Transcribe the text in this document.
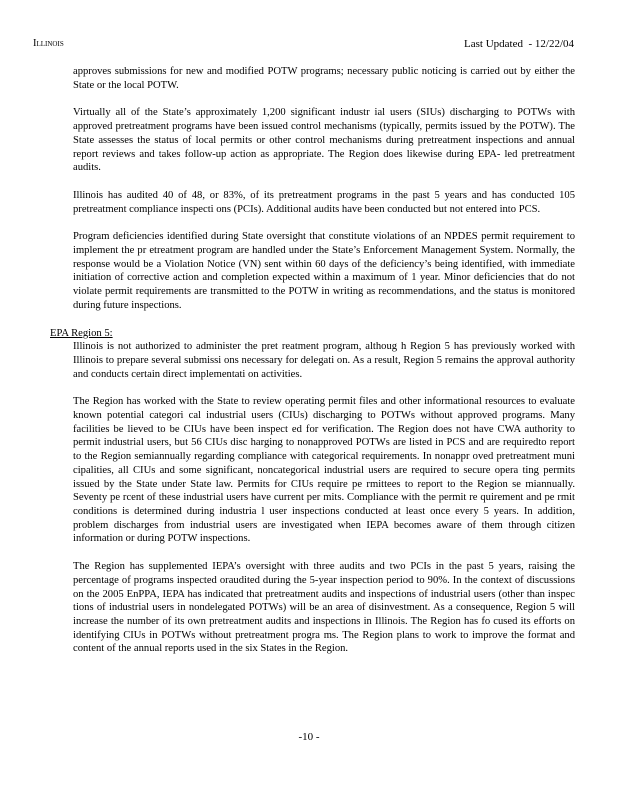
Illinois	Last Updated  - 12/22/04

approves submissions for new and modified POTW programs; necessary public noticing is carried out by either the State or the local POTW.

Virtually all of the State’s approximately 1,200 significant industr ial users (SIUs) discharging to POTWs with approved pretreatment programs have been issued control mechanisms (typically, permits issued by the POTW). The State assesses the status of local permits or other control mechanisms during pretreatment inspections and annual report reviews and takes follow-up action as appropriate. The Region does likewise during EPA- led pretreatment audits.

Illinois has audited 40 of 48, or 83%, of its pretreatment programs in the past 5 years and has conducted 105 pretreatment compliance inspecti ons (PCIs). Additional audits have been conducted but not entered into PCS.

Program deficiencies identified during State oversight that constitute violations of an NPDES permit requirement to implement the pr etreatment program are handled under the State’s Enforcement Management System. Normally, the response would be a Violation Notice (VN) sent within 60 days of the deficiency’s being identified, with immediate initiation of corrective action and completion expected within a maximum of 1 year. Minor deficiencies that do not violate permit requirements are transmitted to the POTW in writing as recommendations, and the status is monitored during future inspections.

EPA Region 5:

Illinois is not authorized to administer the pret reatment program, althoug h Region 5 has previously worked with Illinois to prepare several submissi ons necessary for delegati on. As a result, Region 5 remains the approval authority and conducts certain direct implementati on activities.

The Region has worked with the State to review operating permit files and other informational resources to evaluate known potential categori cal industrial users (CIUs) discharging to POTWs without approved programs. Many facilities be lieved to be CIUs have been inspect ed for verification. The Region does not have CWA authority to permit industrial users, but 56 CIUs disc harging to nonapproved POTWs are listed in PCS and are requiredto report to the Region semiannually regarding compliance with categorical requirements. In nonappr oved pretreatment muni cipalities, all CIUs and some significant, noncategorical industrial users are required to secure opera ting permits issued by the State under State law. Permits for CIUs require pe rmittees to report to the Region se miannually. Seventy pe rcent of these industrial users have current per mits. Compliance with the permit re quirement and pe rmit conditions is determined during industria l user inspections conducted at least once every 5 years. In addition, problem discharges from industrial users are investigated when IEPA becomes aware of them through citizen information or during POTW inspections.

The Region has supplemented IEPA’s oversight with three audits and two PCIs in the past 5 years, raising the percentage of programs inspected oraudited during the 5-year inspection period to 90%. In the context of discussions on the 2005 EnPPA, IEPA has indicated that pretreatment audits and inspections of industrial users (other than inspec tions of industrial users in nondelegated POTWs) will be an area of disinvestment. As a consequence, Region 5 will increase the number of its own pretreatment audits and inspections in Illinois. The Region has fo cused its efforts on identifying CIUs in POTWs without pretreatment progra ms. The Region plans to work to improve the format and content of the annual reports used in the six States in the Region.

-10 -
